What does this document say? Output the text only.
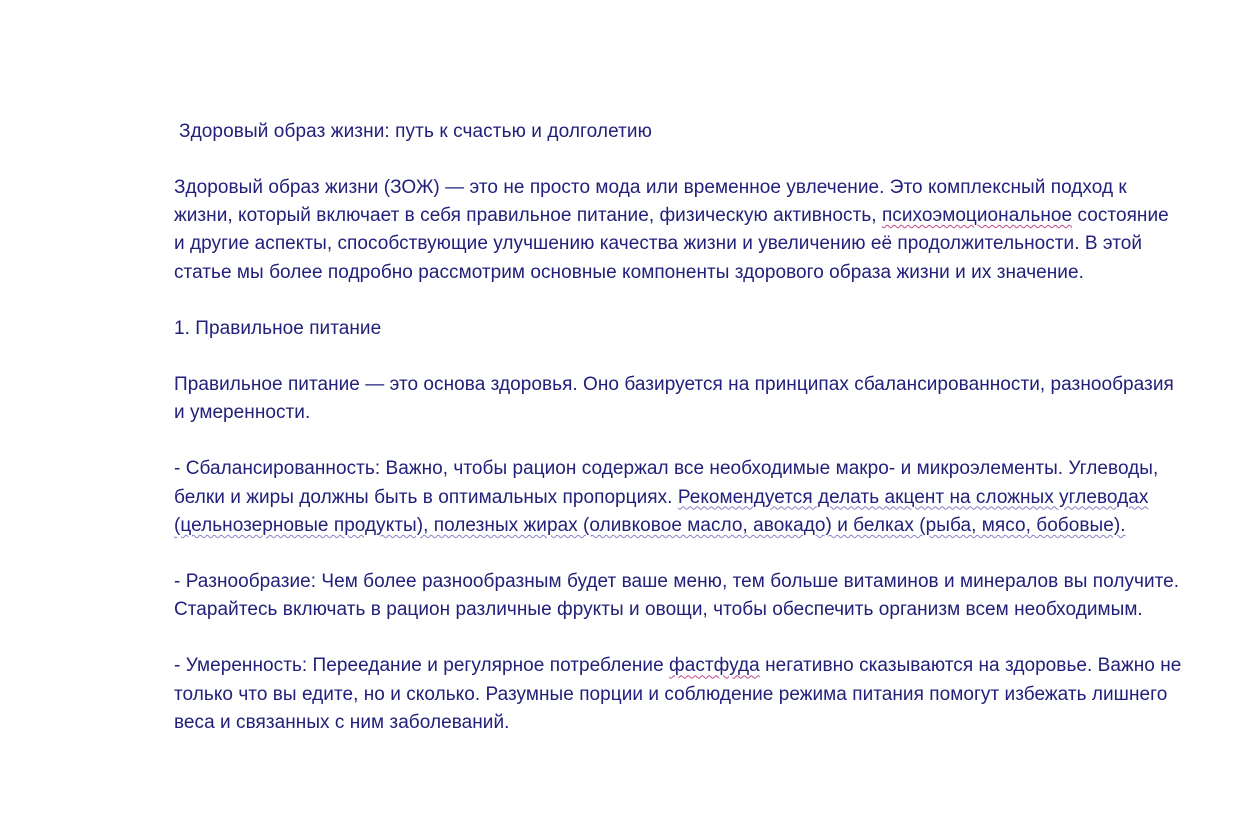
Здоровый образ жизни: путь к счастью и долголетию

Здоровый образ жизни (ЗОЖ) — это не просто мода или временное увлечение. Это комплексный подход к жизни, который включает в себя правильное питание, физическую активность, психоэмоциональное состояние и другие аспекты, способствующие улучшению качества жизни и увеличению её продолжительности. В этой статье мы более подробно рассмотрим основные компоненты здорового образа жизни и их значение.

1. Правильное питание

Правильное питание — это основа здоровья. Оно базируется на принципах сбалансированности, разнообразия и умеренности.

- Сбалансированность: Важно, чтобы рацион содержал все необходимые макро- и микроэлементы. Углеводы, белки и жиры должны быть в оптимальных пропорциях. Рекомендуется делать акцент на сложных углеводах (цельнозерновые продукты), полезных жирах (оливковое масло, авокадо) и белках (рыба, мясо, бобовые).

- Разнообразие: Чем более разнообразным будет ваше меню, тем больше витаминов и минералов вы получите. Старайтесь включать в рацион различные фрукты и овощи, чтобы обеспечить организм всем необходимым.

- Умеренность: Переедание и регулярное потребление фастфуда негативно сказываются на здоровье. Важно не только что вы едите, но и сколько. Разумные порции и соблюдение режима питания помогут избежать лишнего веса и связанных с ним заболеваний.
